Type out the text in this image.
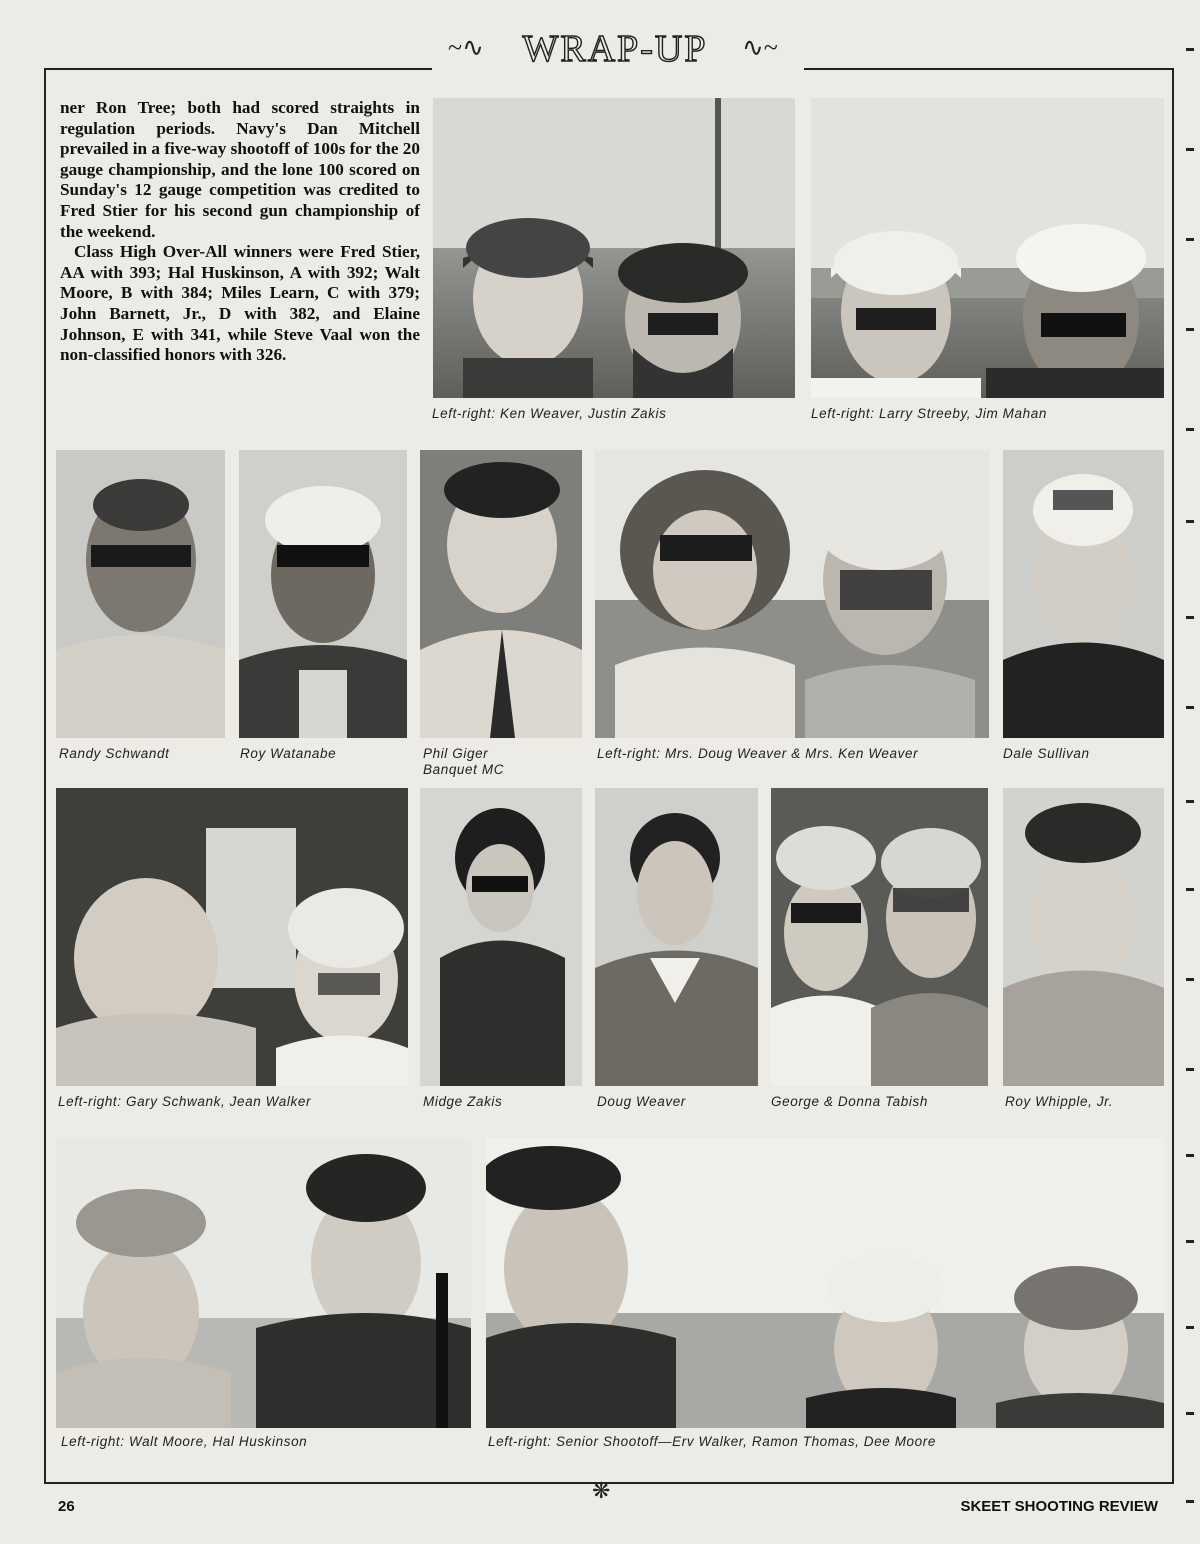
~∿	WRAP-UP	∿~

ner Ron Tree; both had scored straights in regulation periods. Navy's Dan Mitchell prevailed in a five-way shootoff of 100s for the 20 gauge championship, and the lone 100 scored on Sunday's 12 gauge competition was credited to Fred Stier for his second gun championship of the weekend.

Class High Over-All winners were Fred Stier, AA with 393; Hal Huskinson, A with 392; Walt Moore, B with 384; Miles Learn, C with 379; John Barnett, Jr., D with 382, and Elaine Johnson, E with 341, while Steve Vaal won the non-classified honors with 326.

Left-right: Ken Weaver, Justin Zakis	Left-right: Larry Streeby, Jim Mahan
Randy Schwandt	Roy Watanabe	Phil Giger
Banquet MC
Left-right: Mrs. Doug Weaver & Mrs. Ken Weaver	Dale Sullivan
Left-right: Gary Schwank, Jean Walker	Midge Zakis	Doug Weaver	George & Donna Tabish	Roy Whipple, Jr.
Left-right: Walt Moore, Hal Huskinson	Left-right: Senior Shootoff—Erv Walker, Ramon Thomas, Dee Moore
❋
26	SKEET SHOOTING REVIEW
